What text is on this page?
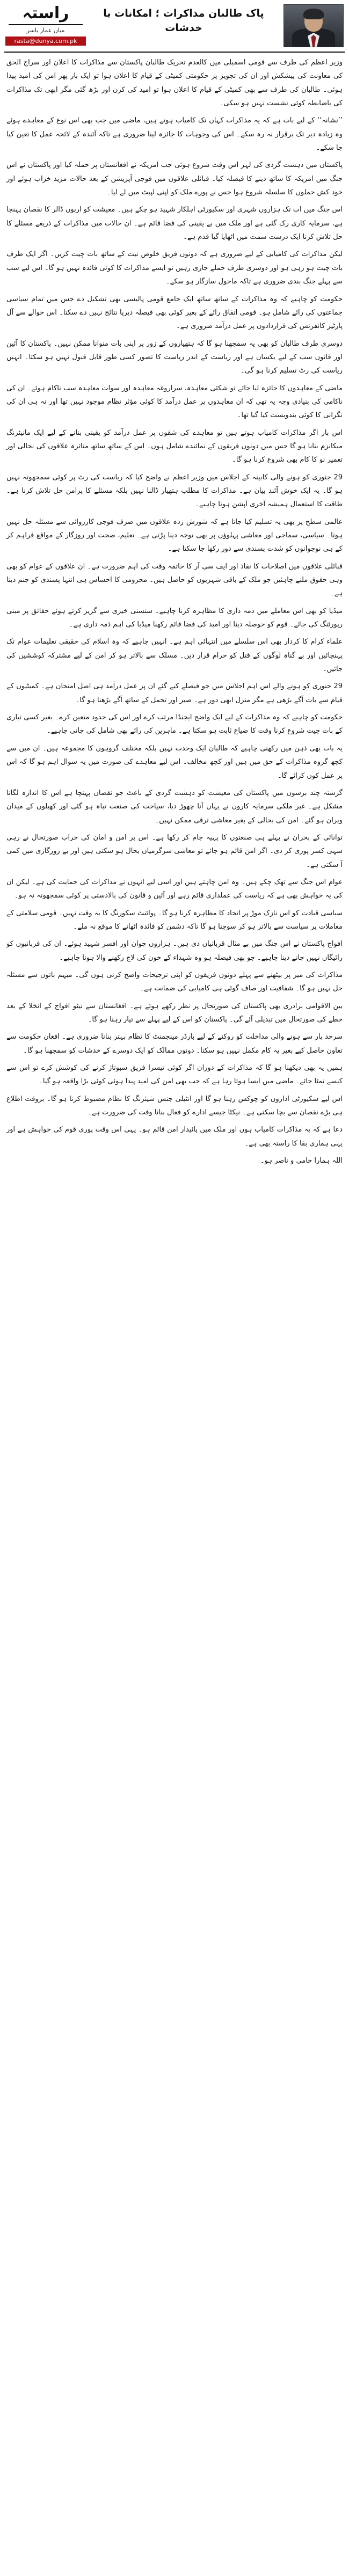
پاک طالبان مذاکرات ؛ امکانات یا خدشات
راستہ
میاں عمار یاسر
rasta@dunya.com.pk

وزیر اعظم کی طرف سے قومی اسمبلی میں کالعدم تحریک طالبان پاکستان سے مذاکرات کا اعلان اور سراج الحق کی معاونت کی پیشکش اور ان کی تجویز پر حکومتی کمیٹی کے قیام کا اعلان ہوا تو ایک بار پھر امن کی امید پیدا ہوئی۔ طالبان کی طرف سے بھی کمیٹی کے قیام کا اعلان ہوا تو امید کی کرن اور بڑھ گئی مگر ابھی تک مذاکرات کی باضابطہ کوئی نشست نہیں ہو سکی۔

’’نشانہ‘‘ کے لیے بات ہے کہ یہ مذاکرات کہاں تک کامیاب ہوتے ہیں، ماضی میں جب بھی اس نوع کے معاہدے ہوئے وہ زیادہ دیر تک برقرار نہ رہ سکے۔ اس کی وجوہات کا جائزہ لینا ضروری ہے تاکہ آئندہ کے لائحہ عمل کا تعین کیا جا سکے۔

پاکستان میں دہشت گردی کی لہر اس وقت شروع ہوئی جب امریکہ نے افغانستان پر حملہ کیا اور پاکستان نے اس جنگ میں امریکہ کا ساتھ دینے کا فیصلہ کیا۔ قبائلی علاقوں میں فوجی آپریشن کے بعد حالات مزید خراب ہوئے اور خود کش حملوں کا سلسلہ شروع ہوا جس نے پورے ملک کو اپنی لپیٹ میں لے لیا۔

اس جنگ میں اب تک ہزاروں شہری اور سکیورٹی اہلکار شہید ہو چکے ہیں۔ معیشت کو اربوں ڈالر کا نقصان پہنچا ہے، سرمایہ کاری رک گئی ہے اور ملک میں بے یقینی کی فضا قائم ہے۔ ان حالات میں مذاکرات کے ذریعے مسئلے کا حل تلاش کرنا ایک درست سمت میں اٹھایا گیا قدم ہے۔

لیکن مذاکرات کی کامیابی کے لیے ضروری ہے کہ دونوں فریق خلوص نیت کے ساتھ بات چیت کریں۔ اگر ایک طرف بات چیت ہو رہی ہو اور دوسری طرف حملے جاری رہیں تو ایسے مذاکرات کا کوئی فائدہ نہیں ہو گا۔ اس لیے سب سے پہلے جنگ بندی ضروری ہے تاکہ ماحول سازگار ہو سکے۔

حکومت کو چاہیے کہ وہ مذاکرات کے ساتھ ساتھ ایک جامع قومی پالیسی بھی تشکیل دے جس میں تمام سیاسی جماعتوں کی رائے شامل ہو۔ قومی اتفاق رائے کے بغیر کوئی بھی فیصلہ دیرپا نتائج نہیں دے سکتا۔ اس حوالے سے آل پارٹیز کانفرنس کی قراردادوں پر عمل درآمد ضروری ہے۔

دوسری طرف طالبان کو بھی یہ سمجھنا ہو گا کہ ہتھیاروں کے زور پر اپنی بات منوانا ممکن نہیں۔ پاکستان کا آئین اور قانون سب کے لیے یکساں ہے اور ریاست کے اندر ریاست کا تصور کسی طور قابل قبول نہیں ہو سکتا۔ انہیں ریاست کی رٹ تسلیم کرنا ہو گی۔

ماضی کے معاہدوں کا جائزہ لیا جائے تو شکئی معاہدہ، سراروغہ معاہدہ اور سوات معاہدہ سب ناکام ہوئے۔ ان کی ناکامی کی بنیادی وجہ یہ تھی کہ ان معاہدوں پر عمل درآمد کا کوئی مؤثر نظام موجود نہیں تھا اور نہ ہی ان کی نگرانی کا کوئی بندوبست کیا گیا تھا۔

اس بار اگر مذاکرات کامیاب ہوتے ہیں تو معاہدے کی شقوں پر عمل درآمد کو یقینی بنانے کے لیے ایک مانیٹرنگ میکانزم بنانا ہو گا جس میں دونوں فریقوں کے نمائندے شامل ہوں۔ اس کے ساتھ ساتھ متاثرہ علاقوں کی بحالی اور تعمیر نو کا کام بھی شروع کرنا ہو گا۔

29 جنوری کو ہونے والی کابینہ کے اجلاس میں وزیر اعظم نے واضح کیا کہ ریاست کی رٹ پر کوئی سمجھوتہ نہیں ہو گا۔ یہ ایک خوش آئند بیان ہے۔ مذاکرات کا مطلب ہتھیار ڈالنا نہیں بلکہ مسئلے کا پرامن حل تلاش کرنا ہے۔ طاقت کا استعمال ہمیشہ آخری آپشن ہونا چاہیے۔

عالمی سطح پر بھی یہ تسلیم کیا جاتا ہے کہ شورش زدہ علاقوں میں صرف فوجی کارروائی سے مسئلہ حل نہیں ہوتا۔ سیاسی، سماجی اور معاشی پہلوؤں پر بھی توجہ دینا پڑتی ہے۔ تعلیم، صحت اور روزگار کے مواقع فراہم کر کے ہی نوجوانوں کو شدت پسندی سے دور رکھا جا سکتا ہے۔

قبائلی علاقوں میں اصلاحات کا نفاذ اور ایف سی آر کا خاتمہ وقت کی اہم ضرورت ہے۔ ان علاقوں کے عوام کو بھی وہی حقوق ملنے چاہئیں جو ملک کے باقی شہریوں کو حاصل ہیں۔ محرومی کا احساس ہی انتہا پسندی کو جنم دیتا ہے۔

میڈیا کو بھی اس معاملے میں ذمہ داری کا مظاہرہ کرنا چاہیے۔ سنسنی خیزی سے گریز کرتے ہوئے حقائق پر مبنی رپورٹنگ کی جائے۔ قوم کو حوصلہ دینا اور امید کی فضا قائم رکھنا میڈیا کی اہم ذمہ داری ہے۔

علماء کرام کا کردار بھی اس سلسلے میں انتہائی اہم ہے۔ انہیں چاہیے کہ وہ اسلام کی حقیقی تعلیمات عوام تک پہنچائیں اور بے گناہ لوگوں کے قتل کو حرام قرار دیں۔ مسلک سے بالاتر ہو کر امن کے لیے مشترکہ کوششیں کی جائیں۔

29 جنوری کو ہونے والے اس اہم اجلاس میں جو فیصلے کیے گئے ان پر عمل درآمد ہی اصل امتحان ہے۔ کمیٹیوں کے قیام سے بات آگے بڑھی ہے مگر منزل ابھی دور ہے۔ صبر اور تحمل کے ساتھ آگے بڑھنا ہو گا۔

حکومت کو چاہیے کہ وہ مذاکرات کے لیے ایک واضح ایجنڈا مرتب کرے اور اس کی حدود متعین کرے۔ بغیر کسی تیاری کے بات چیت شروع کرنا وقت کا ضیاع ثابت ہو سکتا ہے۔ ماہرین کی رائے بھی شامل کی جانی چاہیے۔

یہ بات بھی ذہن میں رکھنی چاہیے کہ طالبان ایک وحدت نہیں بلکہ مختلف گروہوں کا مجموعہ ہیں۔ ان میں سے کچھ گروہ مذاکرات کے حق میں ہیں اور کچھ مخالف۔ اس لیے معاہدے کی صورت میں یہ سوال اہم ہو گا کہ اس پر عمل کون کرائے گا۔

گزشتہ چند برسوں میں پاکستان کی معیشت کو دہشت گردی کے باعث جو نقصان پہنچا ہے اس کا اندازہ لگانا مشکل ہے۔ غیر ملکی سرمایہ کاروں نے یہاں آنا چھوڑ دیا، سیاحت کی صنعت تباہ ہو گئی اور کھیلوں کے میدان ویران ہو گئے۔ امن کی بحالی کے بغیر معاشی ترقی ممکن نہیں۔

توانائی کے بحران نے پہلے ہی صنعتوں کا پہیہ جام کر رکھا ہے۔ اس پر امن و امان کی خراب صورتحال نے رہی سہی کسر پوری کر دی۔ اگر امن قائم ہو جائے تو معاشی سرگرمیاں بحال ہو سکتی ہیں اور بے روزگاری میں کمی آ سکتی ہے۔

عوام اس جنگ سے تھک چکے ہیں۔ وہ امن چاہتے ہیں اور اسی لیے انہوں نے مذاکرات کی حمایت کی ہے۔ لیکن ان کی یہ خواہش بھی ہے کہ ریاست کی عملداری قائم رہے اور آئین و قانون کی بالادستی پر کوئی سمجھوتہ نہ ہو۔

سیاسی قیادت کو اس نازک موڑ پر اتحاد کا مظاہرہ کرنا ہو گا۔ پوائنٹ سکورنگ کا یہ وقت نہیں۔ قومی سلامتی کے معاملات پر سیاست سے بالاتر ہو کر سوچنا ہو گا تاکہ دشمن کو فائدہ اٹھانے کا موقع نہ ملے۔

افواج پاکستان نے اس جنگ میں بے مثال قربانیاں دی ہیں۔ ہزاروں جوان اور افسر شہید ہوئے۔ ان کی قربانیوں کو رائیگاں نہیں جانے دینا چاہیے۔ جو بھی فیصلہ ہو وہ شہداء کے خون کی لاج رکھنے والا ہونا چاہیے۔

مذاکرات کی میز پر بیٹھنے سے پہلے دونوں فریقوں کو اپنی ترجیحات واضح کرنی ہوں گی۔ مبہم باتوں سے مسئلہ حل نہیں ہو گا۔ شفافیت اور صاف گوئی ہی کامیابی کی ضمانت ہے۔

بین الاقوامی برادری بھی پاکستان کی صورتحال پر نظر رکھے ہوئے ہے۔ افغانستان سے نیٹو افواج کے انخلا کے بعد خطے کی صورتحال میں تبدیلی آئے گی۔ پاکستان کو اس کے لیے پہلے سے تیار رہنا ہو گا۔

سرحد پار سے ہونے والی مداخلت کو روکنے کے لیے بارڈر مینجمنٹ کا نظام بہتر بنانا ضروری ہے۔ افغان حکومت سے تعاون حاصل کیے بغیر یہ کام مکمل نہیں ہو سکتا۔ دونوں ممالک کو ایک دوسرے کے خدشات کو سمجھنا ہو گا۔

ہمیں یہ بھی دیکھنا ہو گا کہ مذاکرات کے دوران اگر کوئی تیسرا فریق سبوتاژ کرنے کی کوشش کرے تو اس سے کیسے نمٹا جائے۔ ماضی میں ایسا ہوتا رہا ہے کہ جب بھی امن کی امید پیدا ہوئی کوئی بڑا واقعہ ہو گیا۔

اس لیے سکیورٹی اداروں کو چوکس رہنا ہو گا اور انٹیلی جنس شیئرنگ کا نظام مضبوط کرنا ہو گا۔ بروقت اطلاع ہی بڑے نقصان سے بچا سکتی ہے۔ نیکٹا جیسے ادارے کو فعال بنانا وقت کی ضرورت ہے۔

دعا ہے کہ یہ مذاکرات کامیاب ہوں اور ملک میں پائیدار امن قائم ہو۔ یہی اس وقت پوری قوم کی خواہش ہے اور یہی ہماری بقا کا راستہ بھی ہے۔

اللہ ہمارا حامی و ناصر ہو۔
